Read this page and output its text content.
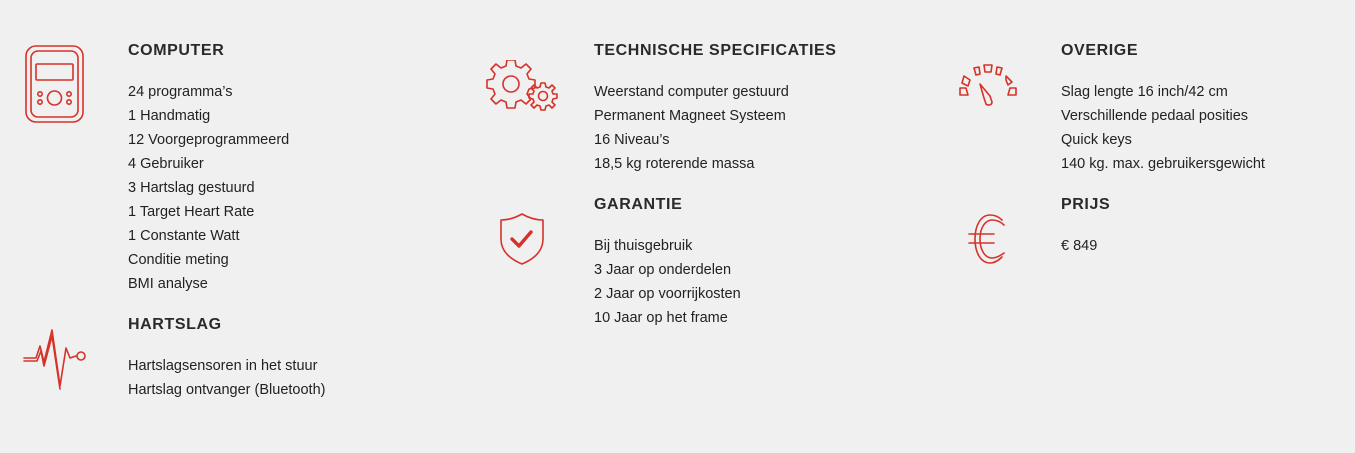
COMPUTER
24 programma’s
1 Handmatig
12 Voorgeprogrammeerd
4 Gebruiker
3 Hartslag gestuurd
1 Target Heart Rate
1 Constante Watt
Conditie meting
BMI analyse
HARTSLAG
Hartslagsensoren in het stuur
Hartslag ontvanger (Bluetooth)
TECHNISCHE SPECIFICATIES
Weerstand computer gestuurd
Permanent Magneet Systeem
16 Niveau’s
18,5 kg roterende massa
GARANTIE
Bij thuisgebruik
3 Jaar op onderdelen
2 Jaar op voorrijkosten
10 Jaar op het frame
OVERIGE
Slag lengte 16 inch/42 cm
Verschillende pedaal posities
Quick keys
140 kg. max. gebruikersgewicht
PRIJS
€ 849
